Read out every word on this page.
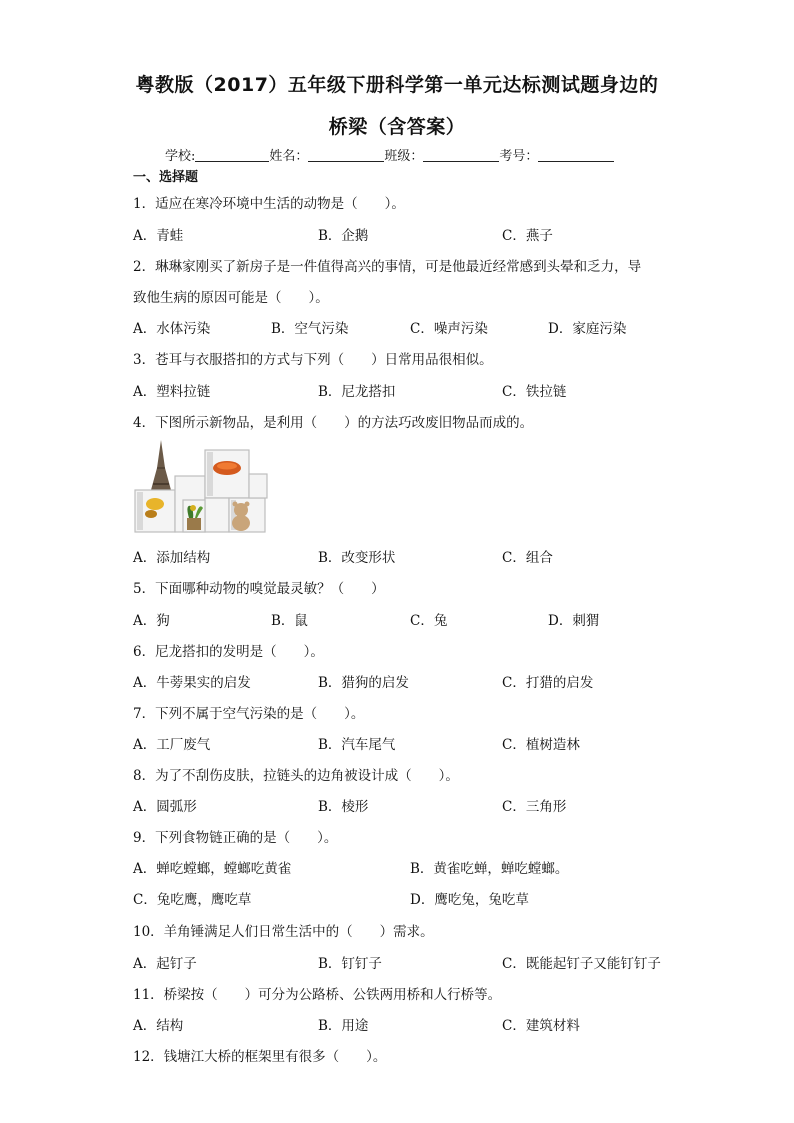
粤教版（2017）五年级下册科学第一单元达标测试题身边的
桥梁（含答案）
学校:	姓名：	班级：	考号：
一、选择题
1．适应在寒冷环境中生活的动物是（　　）。
A．青蛙	B．企鹅	C．燕子
2．琳琳家刚买了新房子是一件值得高兴的事情，可是他最近经常感到头晕和乏力，导
致他生病的原因可能是（　　）。
A．水体污染	B．空气污染	C．噪声污染	D．家庭污染
3．苍耳与衣服搭扣的方式与下列（　　）日常用品很相似。
A．塑料拉链	B．尼龙搭扣	C．铁拉链
4．下图所示新物品，是利用（　　）的方法巧改废旧物品而成的。
A．添加结构	B．改变形状	C．组合
5．下面哪种动物的嗅觉最灵敏？（　　）
A．狗	B．鼠	C．兔	D．刺猬
6．尼龙搭扣的发明是（　　）。
A．牛蒡果实的启发	B．猎狗的启发	C．打猎的启发
7．下列不属于空气污染的是（　　）。
A．工厂废气	B．汽车尾气	C．植树造林
8．为了不刮伤皮肤，拉链头的边角被设计成（　　）。
A．圆弧形	B．棱形	C．三角形
9．下列食物链正确的是（　　）。
A．蝉吃螳螂，螳螂吃黄雀	B．黄雀吃蝉，蝉吃螳螂。
C．兔吃鹰，鹰吃草	D．鹰吃兔，兔吃草
10．羊角锤满足人们日常生活中的（　　）需求。
A．起钉子	B．钉钉子	C．既能起钉子又能钉钉子
11．桥梁按（　　）可分为公路桥、公铁两用桥和人行桥等。
A．结构	B．用途	C．建筑材料
12．钱塘江大桥的框架里有很多（　　）。
